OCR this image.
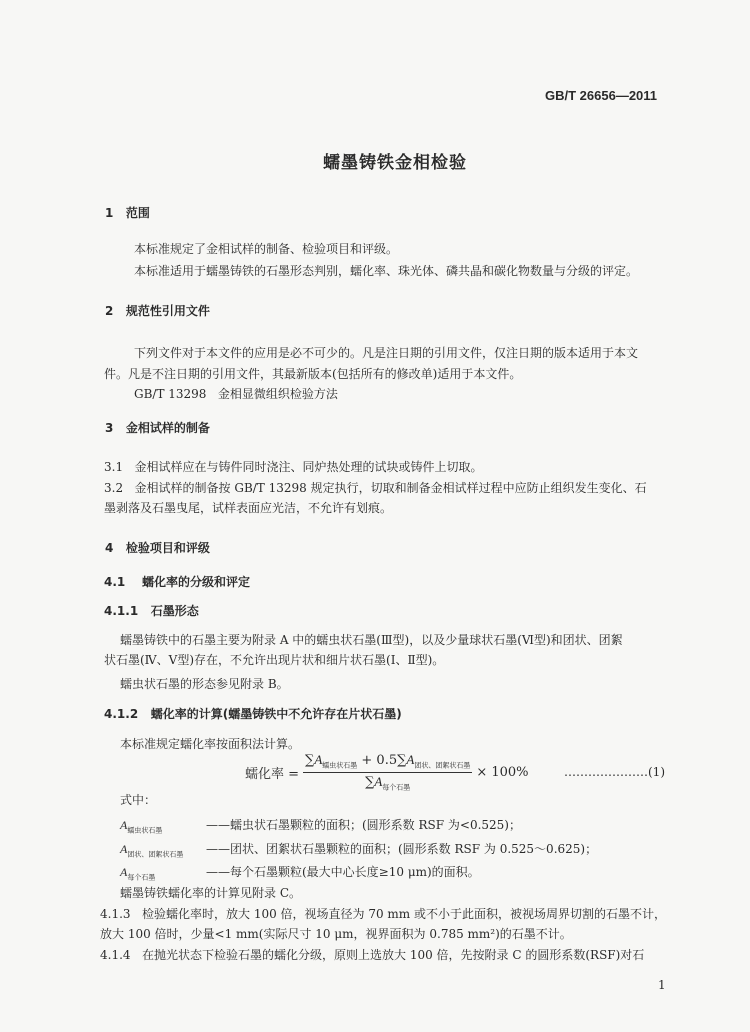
GB/T 26656—2011
蠕墨铸铁金相检验
1 范围
本标准规定了金相试样的制备、检验项目和评级。
本标准适用于蠕墨铸铁的石墨形态判别，蠕化率、珠光体、磷共晶和碳化物数量与分级的评定。
2 规范性引用文件
下列文件对于本文件的应用是必不可少的。凡是注日期的引用文件，仅注日期的版本适用于本文
件。凡是不注日期的引用文件，其最新版本(包括所有的修改单)适用于本文件。
GB/T 13298 金相显微组织检验方法
3 金相试样的制备
3.1 金相试样应在与铸件同时浇注、同炉热处理的试块或铸件上切取。
3.2 金相试样的制备按 GB/T 13298 规定执行，切取和制备金相试样过程中应防止组织发生变化、石
墨剥落及石墨曳尾，试样表面应光洁，不允许有划痕。
4 检验项目和评级
4.1 蠕化率的分级和评定
4.1.1 石墨形态
蠕墨铸铁中的石墨主要为附录 A 中的蠕虫状石墨(Ⅲ型)，以及少量球状石墨(Ⅵ型)和团状、团絮
状石墨(Ⅳ、Ⅴ型)存在，不允许出现片状和细片状石墨(Ⅰ、Ⅱ型)。
蠕虫状石墨的形态参见附录 B。
4.1.2 蠕化率的计算(蠕墨铸铁中不允许存在片状石墨)
本标准规定蠕化率按面积法计算。
蠕化率 = $\frac{\sum A_{蠕虫状石墨} + 0.5\sum A_{团状、团絮状石墨}}{\sum A_{每个石墨}} \times 100\%$	…………………(1)
式中：
$A_{蠕虫状石墨}$	——蠕虫状石墨颗粒的面积；(圆形系数 RSF 为<0.525)；
$A_{团状、团絮状石墨}$	——团状、团絮状石墨颗粒的面积；(圆形系数 RSF 为 0.525～0.625)；
$A_{每个石墨}$	——每个石墨颗粒(最大中心长度≥10 μm)的面积。
蠕墨铸铁蠕化率的计算见附录 C。
4.1.3 检验蠕化率时，放大 100 倍，视场直径为 70 mm 或不小于此面积，被视场周界切割的石墨不计，
放大 100 倍时，少量<1 mm(实际尺寸 10 μm，视界面积为 0.785 mm²)的石墨不计。
4.1.4 在抛光状态下检验石墨的蠕化分级，原则上选放大 100 倍，先按附录 C 的圆形系数(RSF)对石
1
